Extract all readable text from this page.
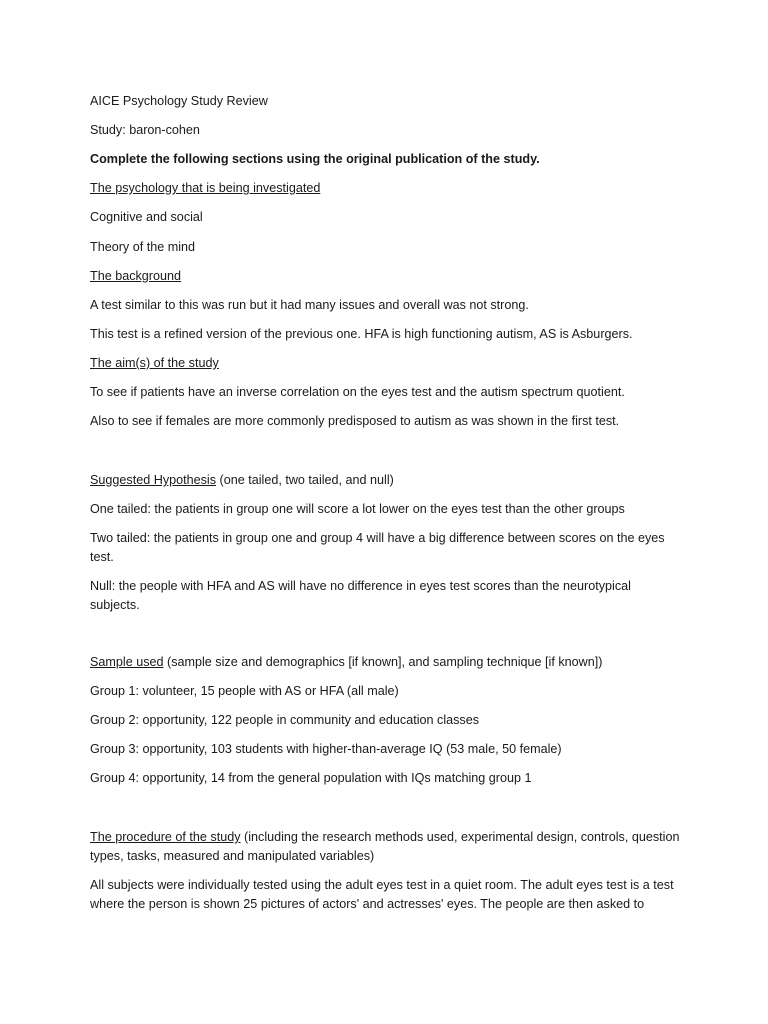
AICE Psychology Study Review

Study: baron-cohen

Complete the following sections using the original publication of the study.

The psychology that is being investigated

Cognitive and social

Theory of the mind

The background

A test similar to this was run but it had many issues and overall was not strong.

This test is a refined version of the previous one. HFA is high functioning autism, AS is Asburgers.

The aim(s) of the study

To see if patients have an inverse correlation on the eyes test and the autism spectrum quotient.

Also to see if females are more commonly predisposed to autism as was shown in the first test.

Suggested Hypothesis (one tailed, two tailed, and null)

One tailed: the patients in group one will score a lot lower on the eyes test than the other groups

Two tailed: the patients in group one and group 4 will have a big difference between scores on the eyes test.

Null: the people with HFA and AS will have no difference in eyes test scores than the neurotypical subjects.

Sample used (sample size and demographics [if known], and sampling technique [if known])

Group 1: volunteer, 15 people with AS or HFA (all male)

Group 2: opportunity, 122 people in community and education classes

Group 3: opportunity, 103 students with higher-than-average IQ (53 male, 50 female)

Group 4: opportunity, 14 from the general population with IQs matching group 1

The procedure of the study (including the research methods used, experimental design, controls, question types, tasks, measured and manipulated variables)

All subjects were individually tested using the adult eyes test in a quiet room. The adult eyes test is a test where the person is shown 25 pictures of actors' and actresses' eyes. The people are then asked to
